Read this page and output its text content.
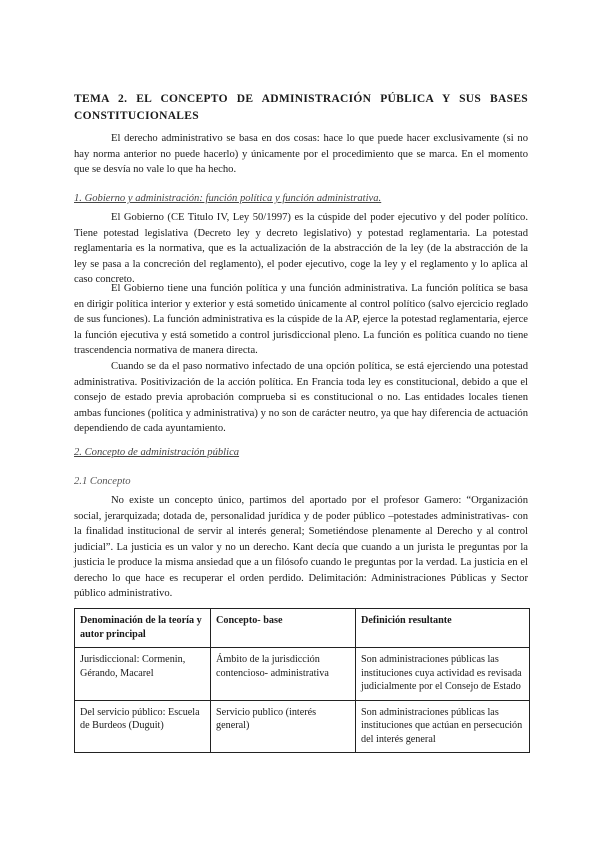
TEMA 2. EL CONCEPTO DE ADMINISTRACIÓN PÚBLICA Y SUS BASES CONSTITUCIONALES

El derecho administrativo se basa en dos cosas: hace lo que puede hacer exclusivamente (si no hay norma anterior no puede hacerlo) y únicamente por el procedimiento que se marca. En el momento que se desvía no vale lo que ha hecho.

1. Gobierno y administración: función política y función administrativa.

El Gobierno (CE Titulo IV, Ley 50/1997) es la cúspide del poder ejecutivo y del poder político. Tiene potestad legislativa (Decreto ley y decreto legislativo) y potestad reglamentaria. La potestad reglamentaria es la normativa, que es la actualización de la abstracción de la ley (de la abstracción de la ley se pasa a la concreción del reglamento), el poder ejecutivo, coge la ley y el reglamento y lo aplica al caso concreto.

El Gobierno tiene una función política y una función administrativa. La función política se basa en dirigir política interior y exterior y está sometido únicamente al control político (salvo ejercicio reglado de sus funciones). La función administrativa es la cúspide de la AP, ejerce la potestad reglamentaria, ejerce la función ejecutiva y está sometido a control jurisdiccional pleno. La función es política cuando no tiene trascendencia normativa de manera directa.

Cuando se da el paso normativo infectado de una opción política, se está ejerciendo una potestad administrativa. Positivización de la acción política. En Francia toda ley es constitucional, debido a que el consejo de estado previa aprobación comprueba si es constitucional o no. Las entidades locales tienen ambas funciones (política y administrativa) y no son de carácter neutro, ya que hay diferencia de actuación dependiendo de cada ayuntamiento.

2. Concepto de administración pública
2.1 Concepto

No existe un concepto único, partimos del aportado por el profesor Gamero: “Organización social, jerarquizada; dotada de, personalidad jurídica y de poder público –potestades administrativas- con la finalidad institucional de servir al interés general; Sometiéndose plenamente al Derecho y al control judicial”. La justicia es un valor y no un derecho. Kant decía que cuando a un jurista le preguntas por la justicia le produce la misma ansiedad que a un filósofo cuando le preguntas por la verdad. La justicia en el derecho lo que hace es recuperar el orden perdido. Delimitación: Administraciones Públicas y Sector público administrativo.

Denominación de la teoría y autor principal	Concepto- base	Definición resultante
Jurisdiccional: Cormenin, Gérando, Macarel	Ámbito de la jurisdicción contencioso- administrativa	Son administraciones públicas las instituciones cuya actividad es revisada judicialmente por el Consejo de Estado
Del servicio público: Escuela de Burdeos (Duguit)	Servicio publico (interés general)	Son administraciones públicas las instituciones que actúan en persecución del interés general
